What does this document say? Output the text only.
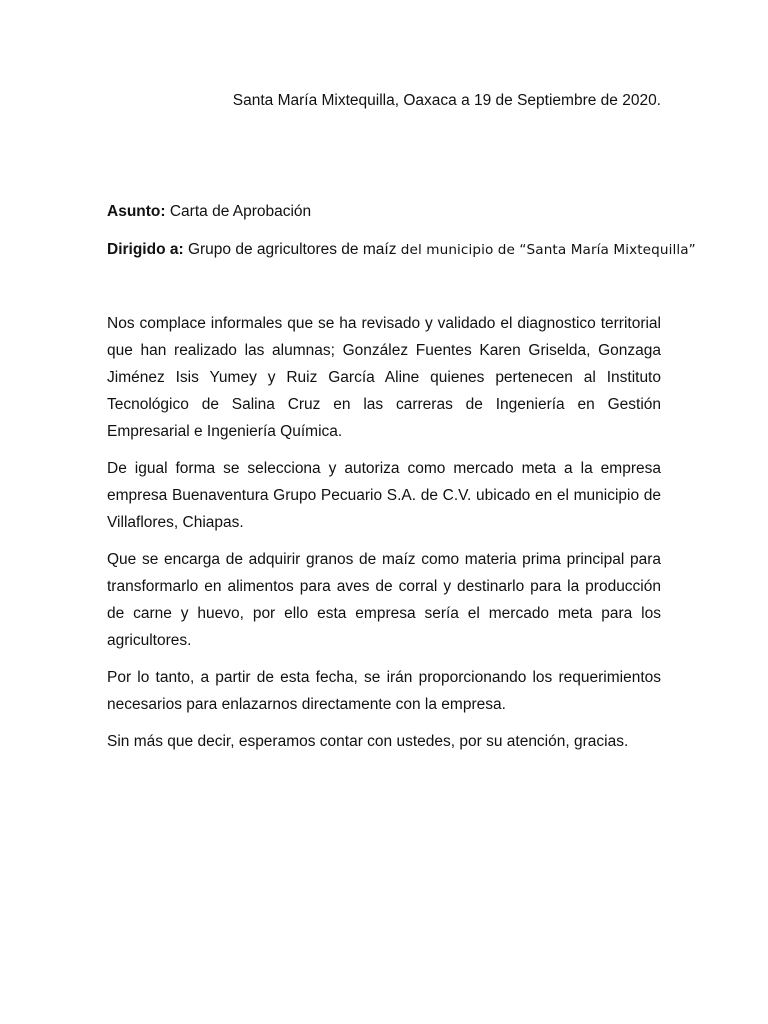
Santa María Mixtequilla, Oaxaca a 19 de Septiembre de 2020.
Asunto: Carta de Aprobación
Dirigido a: Grupo de agricultores de maíz del municipio de “Santa María Mixtequilla”

Nos complace informales que se ha revisado y validado el diagnostico territorial que han realizado las alumnas; González Fuentes Karen Griselda, Gonzaga Jiménez Isis Yumey y Ruiz García Aline quienes pertenecen al Instituto Tecnológico de Salina Cruz en las carreras de Ingeniería en Gestión Empresarial e Ingeniería Química.

De igual forma se selecciona y autoriza como mercado meta a la empresa empresa Buenaventura Grupo Pecuario S.A. de C.V. ubicado en el municipio de Villaflores, Chiapas.

Que se encarga de adquirir granos de maíz como materia prima principal para transformarlo en alimentos para aves de corral y destinarlo para la producción de carne y huevo, por ello esta empresa sería el mercado meta para los agricultores.

Por lo tanto, a partir de esta fecha, se irán proporcionando los requerimientos necesarios para enlazarnos directamente con la empresa.

Sin más que decir, esperamos contar con ustedes, por su atención, gracias.
